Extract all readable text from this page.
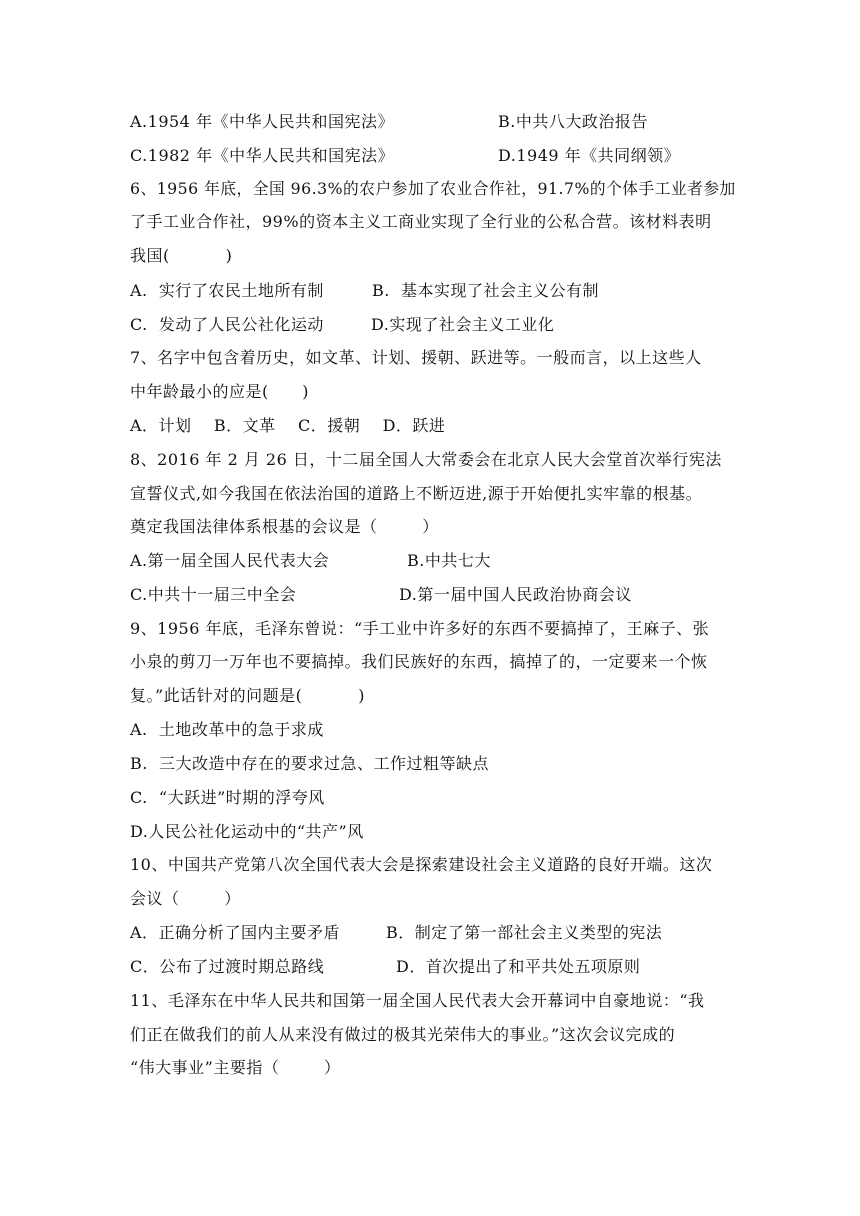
A.1954 年《中华人民共和国宪法》	B.中共八大政治报告
C.1982 年《中华人民共和国宪法》	D.1949 年《共同纲领》
6、1956 年底，全国 96.3%的农户参加了农业合作社，91.7%的个体手工业者参加
了手工业合作社，99%的资本主义工商业实现了全行业的公私合营。该材料表明
我国(          )
A.  实行了农民土地所有制	B.  基本实现了社会主义公有制
C.  发动了人民公社化运动	D.实现了社会主义工业化
7、名字中包含着历史，如文革、计划、援朝、跃进等。一般而言，以上这些人
中年龄最小的应是(      )
A．计划    B．文革    C．援朝    D．跃进
8、2016 年 2 月 26 日，十二届全国人大常委会在北京人民大会堂首次举行宪法
宣誓仪式,如今我国在依法治国的道路上不断迈进,源于开始便扎实牢靠的根基。
奠定我国法律体系根基的会议是（        ）
A.第一届全国人民代表大会	B.中共七大
C.中共十一届三中全会	D.第一届中国人民政治协商会议
9、1956 年底，毛泽东曾说：“手工业中许多好的东西不要搞掉了，王麻子、张
小泉的剪刀一万年也不要搞掉。我们民族好的东西，搞掉了的，一定要来一个恢
复。”此话针对的问题是(          )
A.  土地改革中的急于求成
B.  三大改造中存在的要求过急、工作过粗等缺点
C.  “大跃进”时期的浮夸风
D.人民公社化运动中的“共产”风
10、中国共产党第八次全国代表大会是探索建设社会主义道路的良好开端。这次
会议（        ）
A．正确分析了国内主要矛盾	B．制定了第一部社会主义类型的宪法
C．公布了过渡时期总路线	D．首次提出了和平共处五项原则
11、毛泽东在中华人民共和国第一届全国人民代表大会开幕词中自豪地说：“我
们正在做我们的前人从来没有做过的极其光荣伟大的事业。”这次会议完成的
“伟大事业”主要指（        ）
